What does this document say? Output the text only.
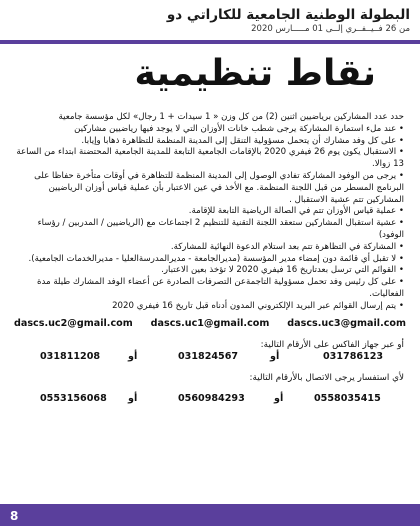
البطولة الوطنية الجامعية للكاراتي دو
من 26 فــيــفــري إلــى 01 مـــــارس 2020
نقاط تنظيمية

حدد عدد المشاركين برياضيين اثنين (2) من كل وزن « 1 سيدات + 1 رجال» لكل مؤسسة جامعية

• عند ملء استمارة المشاركة يرجى شطب خانات الأوزان التي لا يوجد فيها رياضيين مشاركين

• على كل وفد مشارك أن يتحمل مسؤولية التنقل إلى المدينة المنظمة للتظاهرة ذهابا وإيابا.

• الاستقبال يكون يوم 26 فيفري 2020 بالإقامات الجامعية التابعة للمدينة الجامعية المحتضنة ابتداء من الساعة 13 زوالا.

• يرجى من الوفود المشاركة تفادي الوصول إلى المدينة المنظمة للتظاهرة في أوقات متأخرة حفاظا على

البرنامج المسطر من قبل اللجنة المنظمة. مع الأخذ في عين الاعتبار بأن عملية قياس أوزان الرياضيين المشاركين تتم عشية الاستقبال .

• عملية قياس الأوزان تتم في الصالة الرياضية التابعة للإقامة.

• عشية استقبال المشاركين ستعقد اللجنة التقنية للتنظيم 2 اجتماعات مع (الرياضيين / المدربين / رؤساء الوفود)

• المشاركة في التظاهرة تتم بعد استلام الدعوة النهائية للمشاركة.

• لا تقبل أي قائمة دون إمضاء مدير المؤسسة (مديرالجامعة - مديرالمدرسةالعليا - مديرالخدمات الجامعية).

• القوائم التي ترسل بعدتاريخ 16 فيفري 2020 لا تؤخذ بعين الاعتبار.

• على كل رئيس وفد تحمل مسؤولية التاجمةعن التصرفات الصادرة عن أعضاء الوفد المشارك طيلة مدة الفعاليات.

• يتم إرسال القوائم عبر البريد الإلكتروني المدون أدناه قبل تاريخ 16 فيفري 2020

dascs.uc2@gmail.com dascs.uc1@gmail.com dascs.uc3@gmail.com
أو عبر جهاز الفاكس على الأرقام التالية:
031811208	أو	031824567	أو	031786123
لأي استفسار يرجى الاتصال بالأرقام التالية:
0553156068 أو	0560984293	أو	0558035415
8
